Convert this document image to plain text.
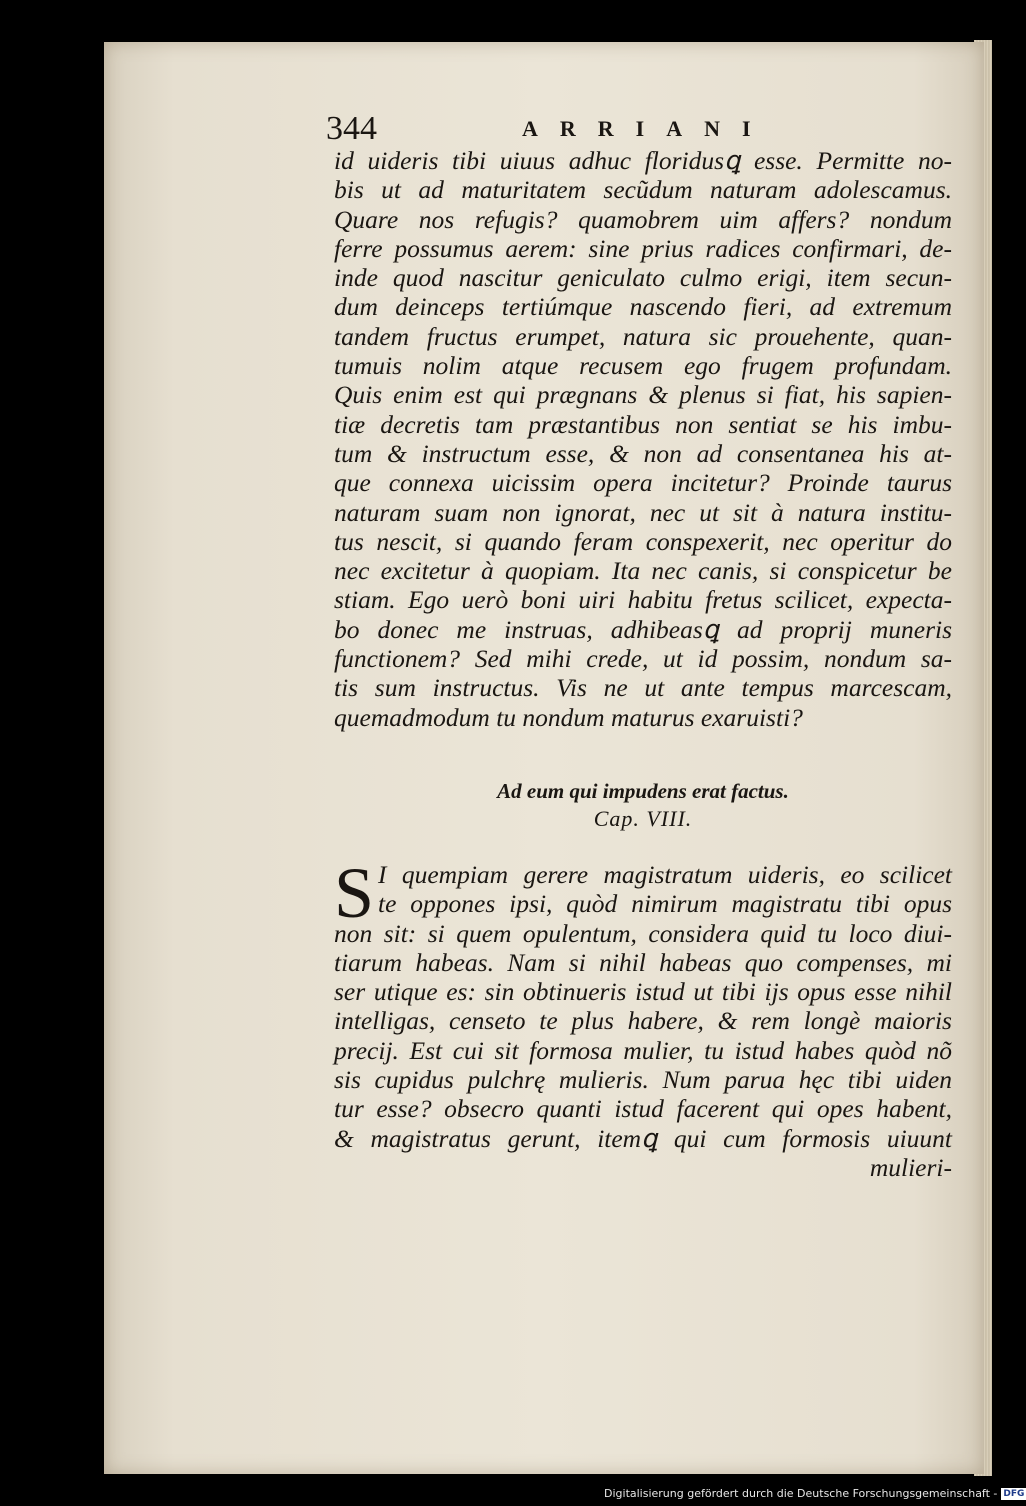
344	ARRIANI
id uideris tibi uiuus adhuc floridusꝗ esse. Permitte no-
bis ut ad maturitatem secũdum naturam adolescamus.
Quare nos refugis? quamobrem uim affers? nondum
ferre possumus aerem: sine prius radices confirmari, de-
inde quod nascitur geniculato culmo erigi, item secun-
dum deinceps tertiúmque nascendo fieri, ad extremum
tandem fructus erumpet, natura sic prouehente, quan-
tumuis nolim atque recusem ego frugem profundam.
Quis enim est qui prægnans & plenus si fiat, his sapien-
tiæ decretis tam præstantibus non sentiat se his imbu-
tum & instructum esse, & non ad consentanea his at-
que connexa uicissim opera incitetur? Proinde taurus
naturam suam non ignorat, nec ut sit à natura institu-
tus nescit, si quando feram conspexerit, nec operitur do
nec excitetur à quopiam. Ita nec canis, si conspicetur be
stiam. Ego uerò boni uiri habitu fretus scilicet, expecta-
bo donec me instruas, adhibeasꝗ ad proprij muneris
functionem? Sed mihi crede, ut id possim, nondum sa-
tis sum instructus. Vis ne ut ante tempus marcescam,
quemadmodum tu nondum maturus exaruisti?
Ad eum qui impudens erat factus.
Cap. VIII.
S I quempiam gerere magistratum uideris, eo scilicet
te oppones ipsi, quòd nimirum magistratu tibi opus
non sit: si quem opulentum, considera quid tu loco diui-
tiarum habeas. Nam si nihil habeas quo compenses, mi
ser utique es: sin obtinueris istud ut tibi ijs opus esse nihil
intelligas, censeto te plus habere, & rem longè maioris
precij. Est cui sit formosa mulier, tu istud habes quòd nõ
sis cupidus pulchrę mulieris. Num parua hęc tibi uiden
tur esse? obsecro quanti istud facerent qui opes habent,
& magistratus gerunt, itemꝗ qui cum formosis uiuunt
mulieri-
Digitalisierung gefördert durch die Deutsche Forschungsgemeinschaft - DFG
